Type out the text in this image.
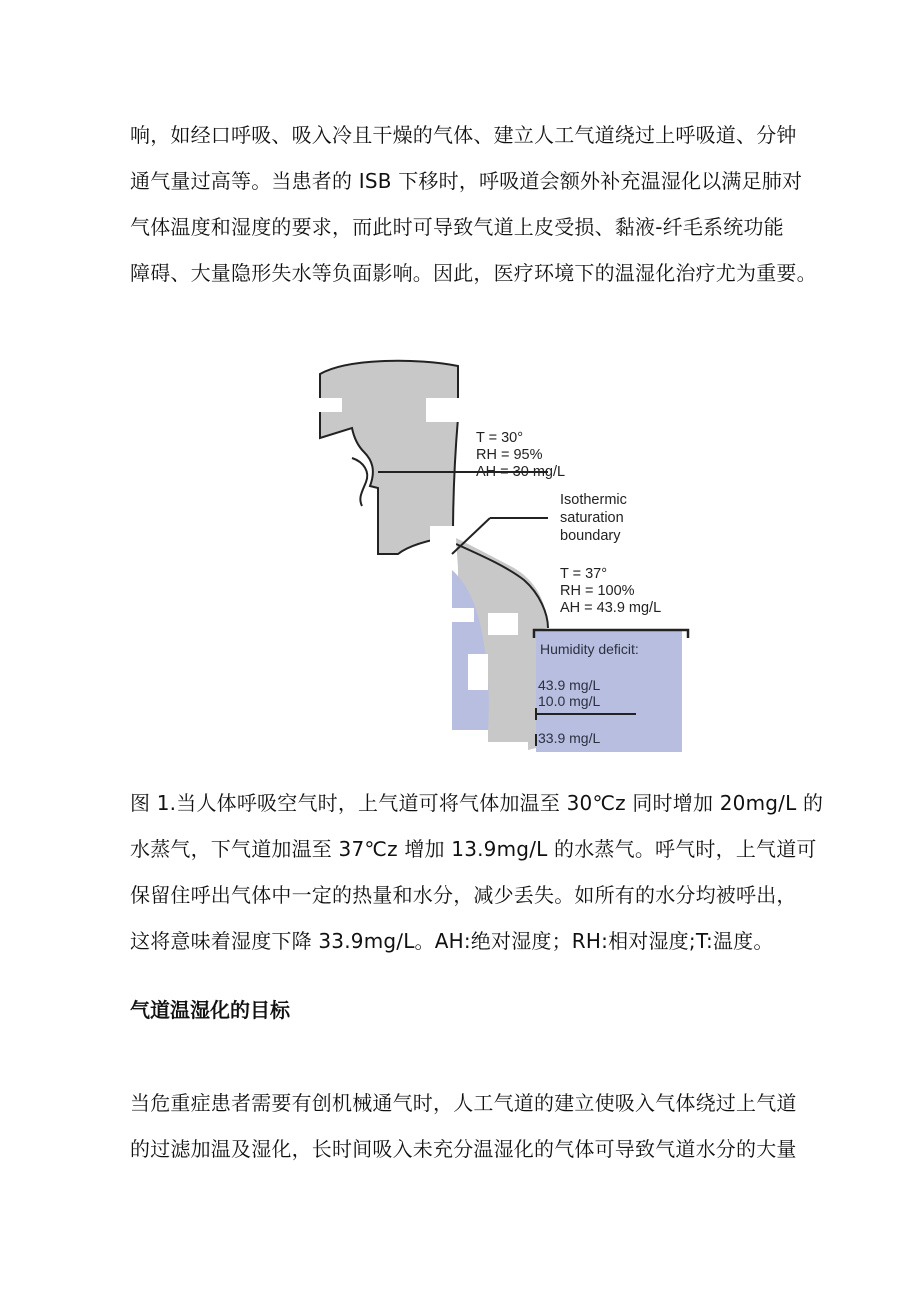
响，如经口呼吸、吸入冷且干燥的气体、建立人工气道绕过上呼吸道、分钟
通气量过高等。当患者的 ISB 下移时，呼吸道会额外补充温湿化以满足肺对
气体温度和湿度的要求，而此时可导致气道上皮受损、黏液-纤毛系统功能
障碍、大量隐形失水等负面影响。因此，医疗环境下的温湿化治疗尤为重要。
T = 30°
RH = 95%
AH = 30 mg/L
Isothermic
saturation
boundary
T = 37°
RH = 100%
AH = 43.9 mg/L
Humidity deficit:
43.9 mg/L
10.0 mg/L
33.9 mg/L
图 1.当人体呼吸空气时，上气道可将气体加温至 30℃z 同时增加 20mg/L 的
水蒸气，下气道加温至 37℃z 增加 13.9mg/L 的水蒸气。呼气时，上气道可
保留住呼出气体中一定的热量和水分，减少丢失。如所有的水分均被呼出，
这将意味着湿度下降 33.9mg∕L。AH:绝对湿度；RH:相对湿度;T:温度。
气道温湿化的目标
当危重症患者需要有创机械通气时，人工气道的建立使吸入气体绕过上气道
的过滤加温及湿化，长时间吸入未充分温湿化的气体可导致气道水分的大量
